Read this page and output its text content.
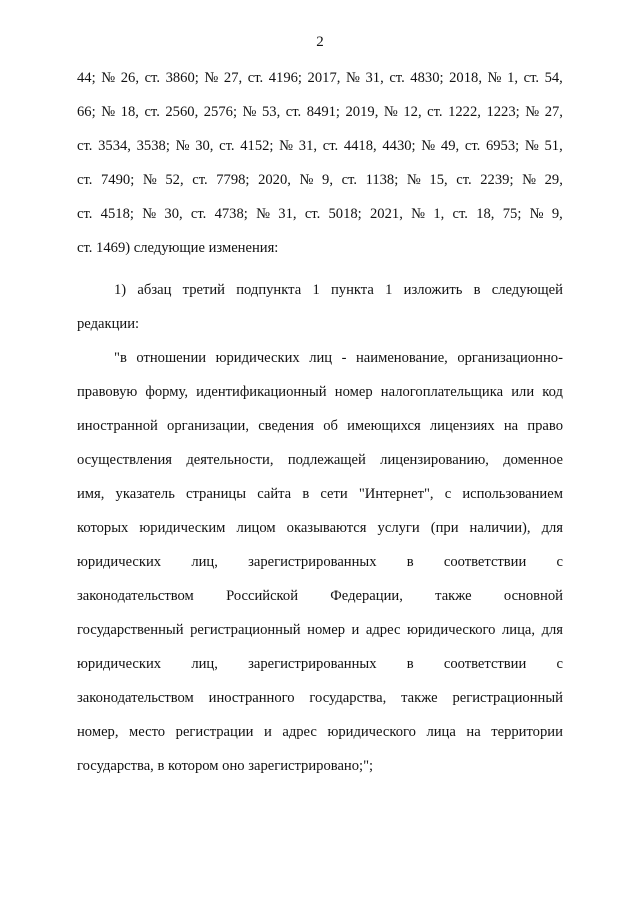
2
44; № 26, ст. 3860; № 27, ст. 4196; 2017, № 31, ст. 4830; 2018, № 1, ст. 54,
66; № 18, ст. 2560, 2576; № 53, ст. 8491; 2019, № 12, ст. 1222, 1223; № 27,
ст. 3534, 3538; № 30, ст. 4152; № 31, ст. 4418, 4430; № 49, ст. 6953; № 51,
ст. 7490; № 52, ст. 7798; 2020, № 9, ст. 1138; № 15, ст. 2239; № 29,
ст. 4518; № 30, ст. 4738; № 31, ст. 5018; 2021, № 1, ст. 18, 75; № 9,
ст. 1469) следующие изменения:
1) абзац третий подпункта 1 пункта 1 изложить в следующей
редакции:
"в отношении юридических лиц - наименование, организационно-
правовую форму, идентификационный номер налогоплательщика или код
иностранной организации, сведения об имеющихся лицензиях на право
осуществления деятельности, подлежащей лицензированию, доменное
имя, указатель страницы сайта в сети "Интернет", с использованием
которых юридическим лицом оказываются услуги (при наличии), для
юридических лиц, зарегистрированных в соответствии с
законодательством Российской Федерации, также основной
государственный регистрационный номер и адрес юридического лица, для
юридических лиц, зарегистрированных в соответствии с
законодательством иностранного государства, также регистрационный
номер, место регистрации и адрес юридического лица на территории
государства, в котором оно зарегистрировано;";
